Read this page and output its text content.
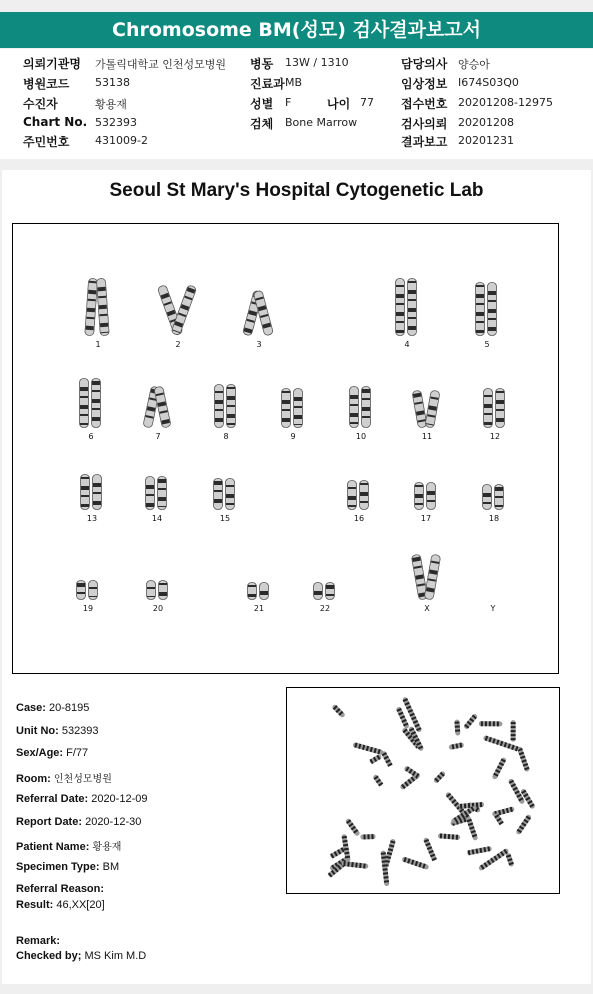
Chromosome BM(성모) 검사결과보고서
의뢰기관명 가톨릭대학교 인천성모병원 병동 13W / 1310	담당의사 양승아
병원코드 53138	진료과 MB	임상정보 I674S03Q0
수진자	황용재	성별 F	나이 77 접수번호 20201208-12975
Chart No. 532393	검체 Bone Marrow	검사의뢰 20201208
주민번호 431009-2	결과보고 20201231
Seoul St Mary's Hospital Cytogenetic Lab
1	2	3	4	5
6	7	8	9	10	11	12
13	14	15	16	17	18
19	20	21	22	X	Y
Case: 20-8195
Unit No: 532393
Sex/Age: F/77
Room: 인천성모병원
Referral Date: 2020-12-09
Report Date: 2020-12-30
Patient Name: 황용재
Specimen Type: BM
Referral Reason:
Result: 46,XX[20]
Remark:
Checked by; MS Kim M.D
